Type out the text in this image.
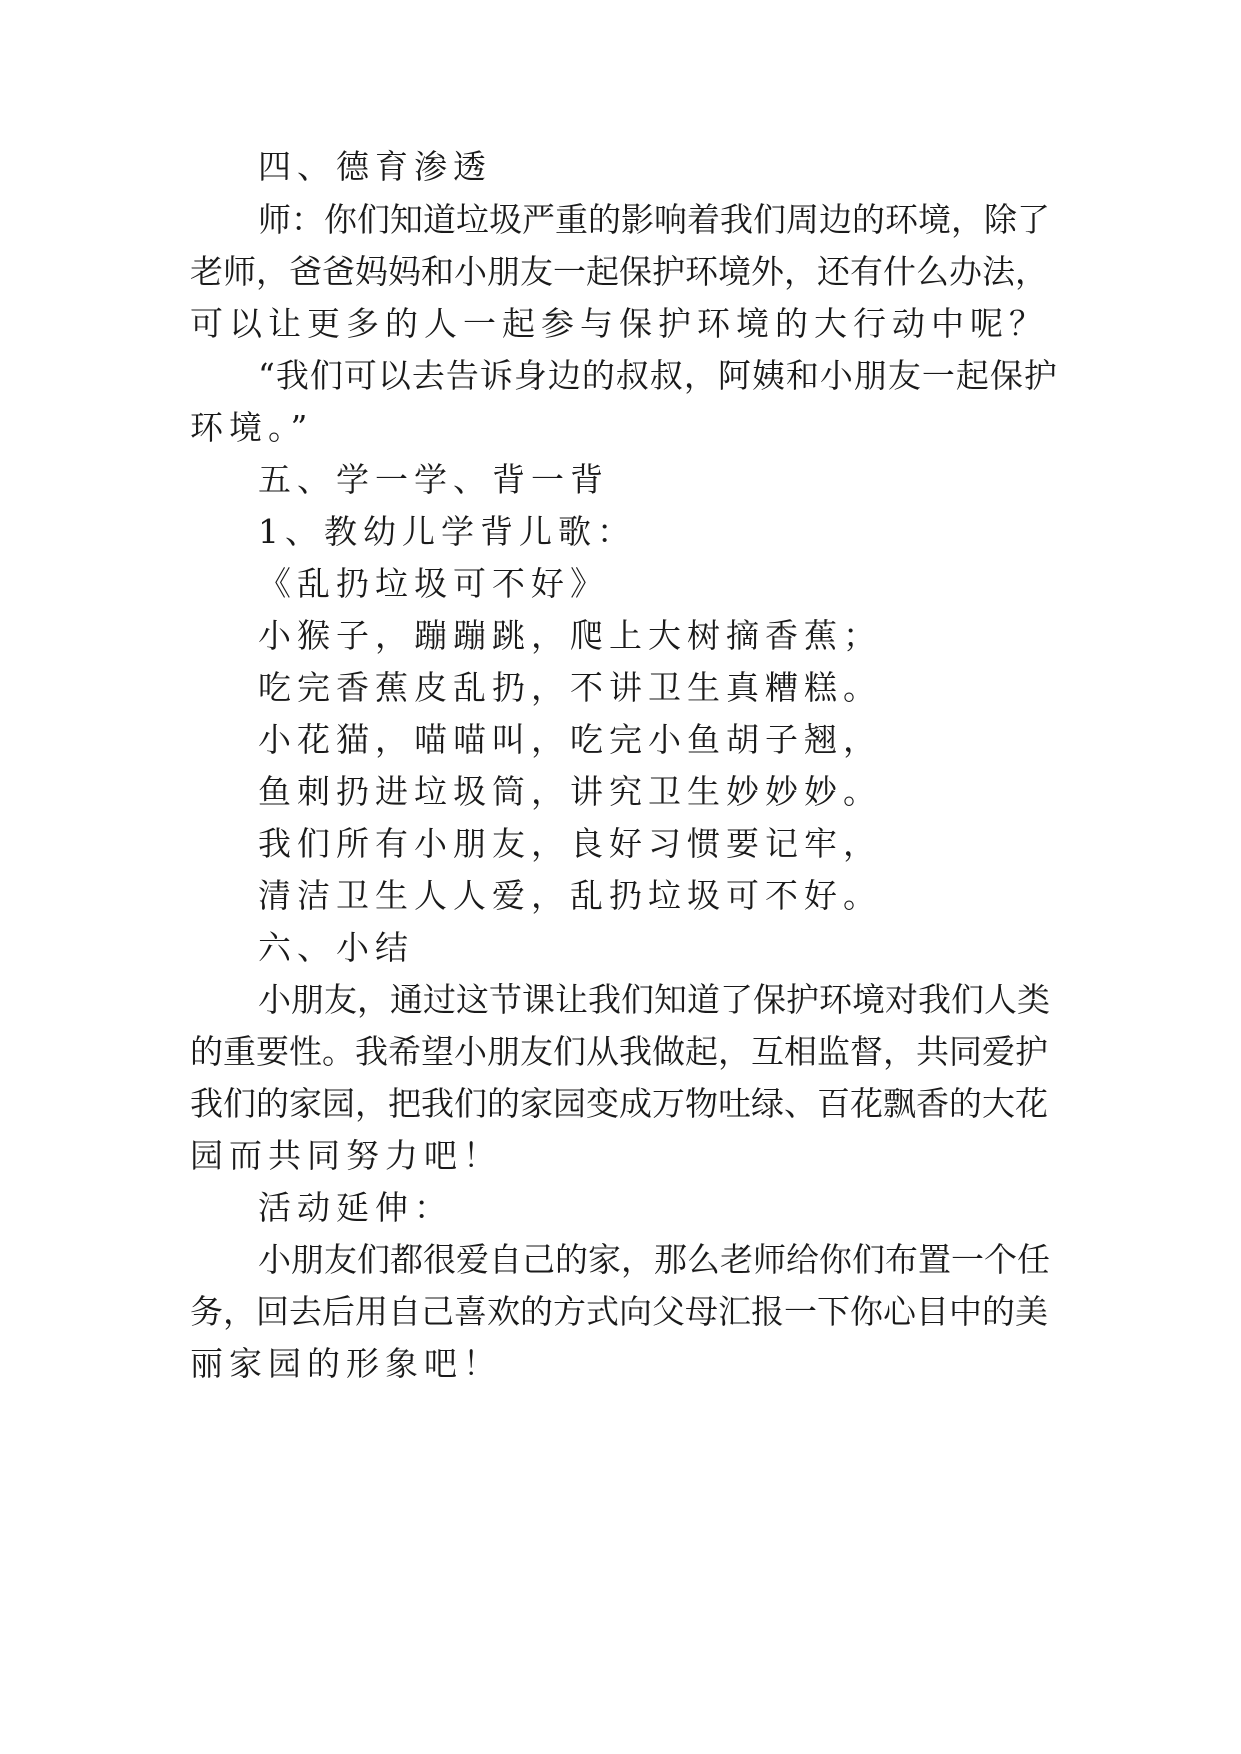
四、德育渗透

师：你们知道垃圾严重的影响着我们周边的环境，除了

老师，爸爸妈妈和小朋友一起保护环境外，还有什么办法，

可以让更多的人一起参与保护环境的大行动中呢？

“我们可以去告诉身边的叔叔，阿姨和小朋友一起保护

环境。”

五、学一学、背一背

1、教幼儿学背儿歌：

《乱扔垃圾可不好》

小猴子，蹦蹦跳，爬上大树摘香蕉；

吃完香蕉皮乱扔，不讲卫生真糟糕。

小花猫，喵喵叫，吃完小鱼胡子翘，

鱼刺扔进垃圾筒，讲究卫生妙妙妙。

我们所有小朋友，良好习惯要记牢，

清洁卫生人人爱，乱扔垃圾可不好。

六、小结

小朋友，通过这节课让我们知道了保护环境对我们人类

的重要性。我希望小朋友们从我做起，互相监督，共同爱护

我们的家园，把我们的家园变成万物吐绿、百花飘香的大花

园而共同努力吧！

活动延伸：

小朋友们都很爱自己的家，那么老师给你们布置一个任

务，回去后用自己喜欢的方式向父母汇报一下你心目中的美

丽家园的形象吧！
